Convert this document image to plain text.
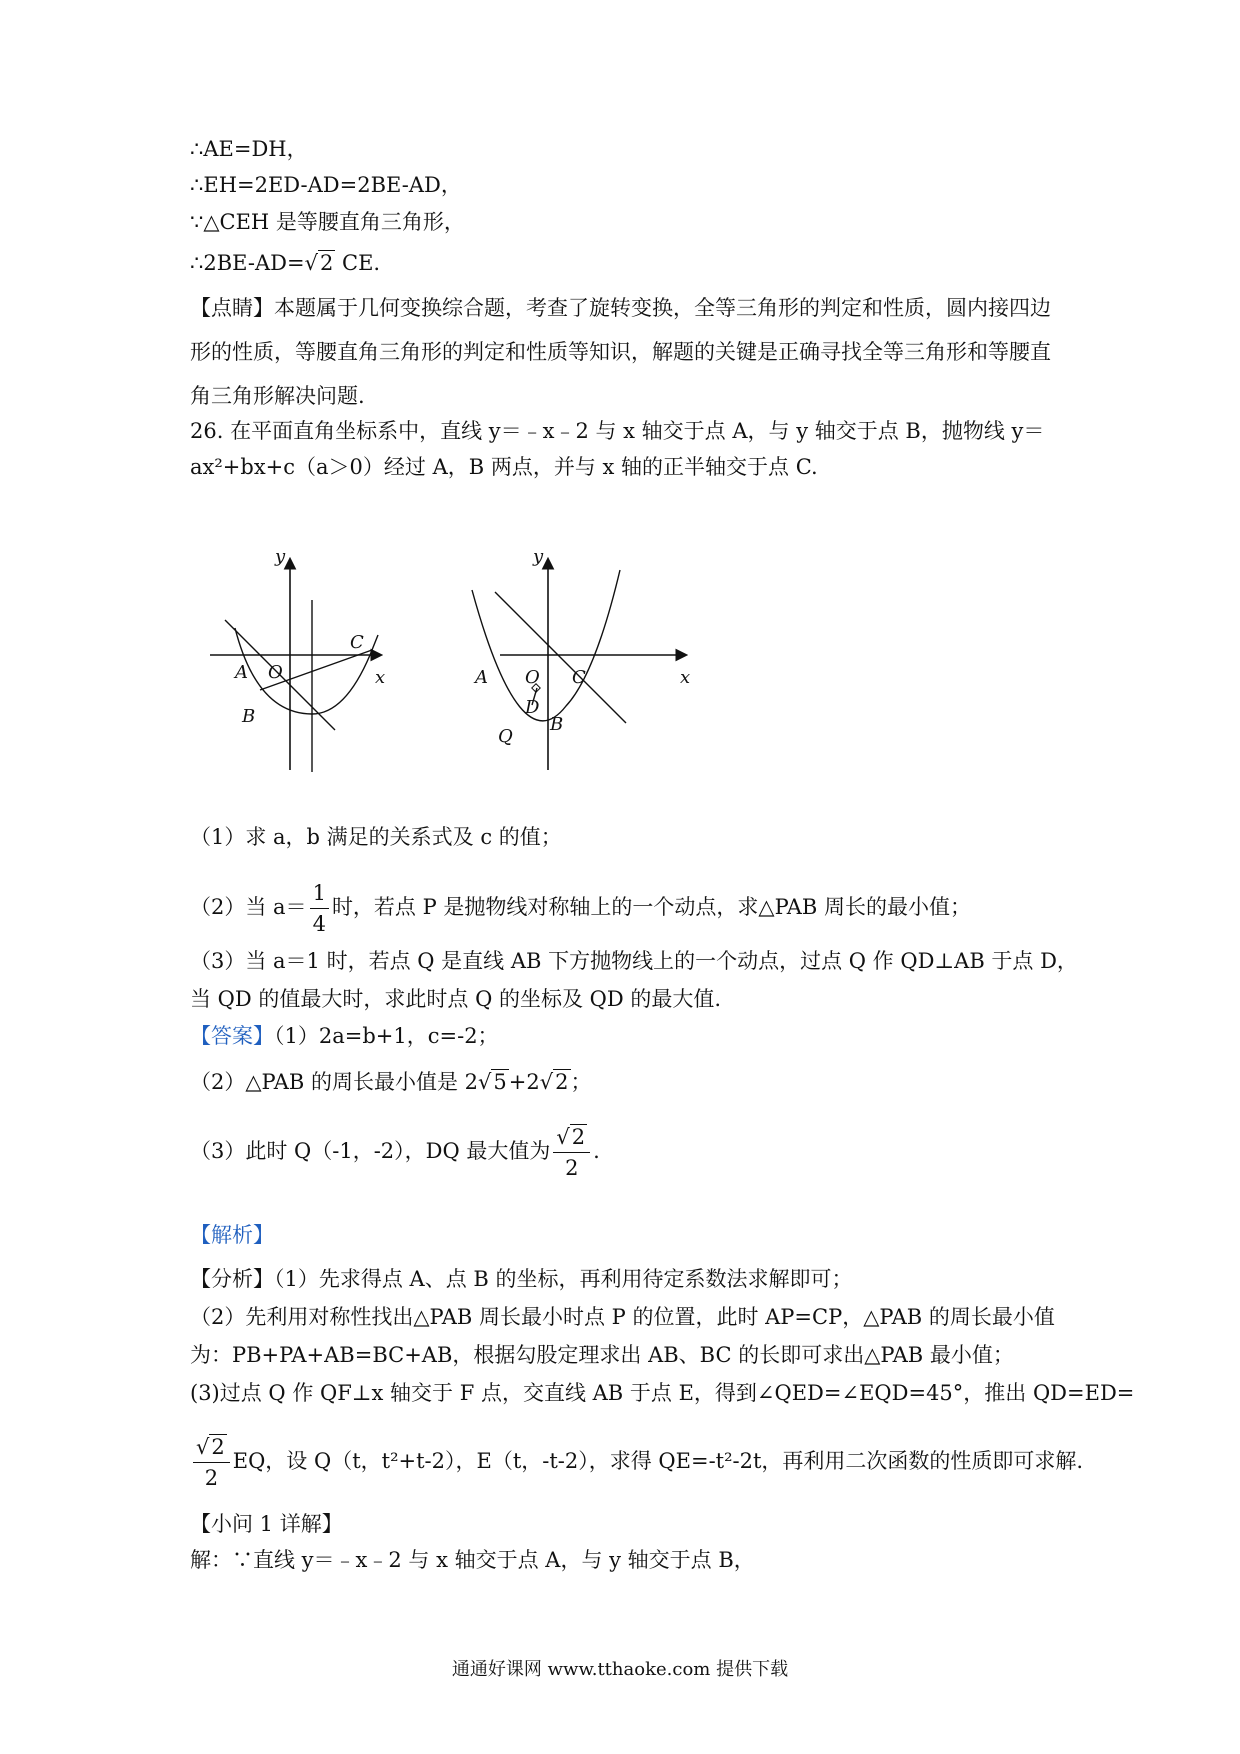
∴AE=DH，
∴EH=2ED-AD=2BE-AD，
∵△CEH 是等腰直角三角形，
∴2BE-AD=√2 CE.
【点睛】本题属于几何变换综合题，考查了旋转变换，全等三角形的判定和性质，圆内接四边形的性质，等腰直角三角形的判定和性质等知识，解题的关键是正确寻找全等三角形和等腰直角三角形解决问题.
26. 在平面直角坐标系中，直线 y＝﹣x﹣2 与 x 轴交于点 A，与 y 轴交于点 B，抛物线 y＝
ax²+bx+c（a＞0）经过 A，B 两点，并与 x 轴的正半轴交于点 C.
y
x
A O
B
C
y
x
A O C
D
Q
B
（1）求 a，b 满足的关系式及 c 的值；
（2）当 $a= \frac{1}{4}$ 时，若点 P 是抛物线对称轴上的一个动点，求△PAB 周长的最小值；
（3）当 a＝1 时，若点 Q 是直线 AB 下方抛物线上的一个动点，过点 Q 作 QD⊥AB 于点 D，
当 QD 的值最大时，求此时点 Q 的坐标及 QD 的最大值.
【答案】（1）2a=b+1，c=-2；
（2）△PAB 的周长最小值是 2√5+2√2；
（3）此时 Q（-1，-2），DQ 最大值为 $\frac{√2}{2}$ .
【解析】
【分析】（1）先求得点 A、点 B 的坐标，再利用待定系数法求解即可；
（2）先利用对称性找出△PAB 周长最小时点 P 的位置，此时 AP=CP，△PAB 的周长最小值
为：PB+PA+AB=BC+AB，根据勾股定理求出 AB、BC 的长即可求出△PAB 最小值；
(3)过点 Q 作 QF⊥x 轴交于 F 点，交直线 AB 于点 E，得到∠QED=∠EQD=45°，推出 QD=ED=
$\frac{√2}{2}$ EQ，设 Q（t，t²+t-2），E（t，-t-2），求得 QE=-t²-2t，再利用二次函数的性质即可求解.
【小问 1 详解】
解：∵直线 y＝﹣x﹣2 与 x 轴交于点 A，与 y 轴交于点 B，
通通好课网 www.tthaoke.com 提供下载
